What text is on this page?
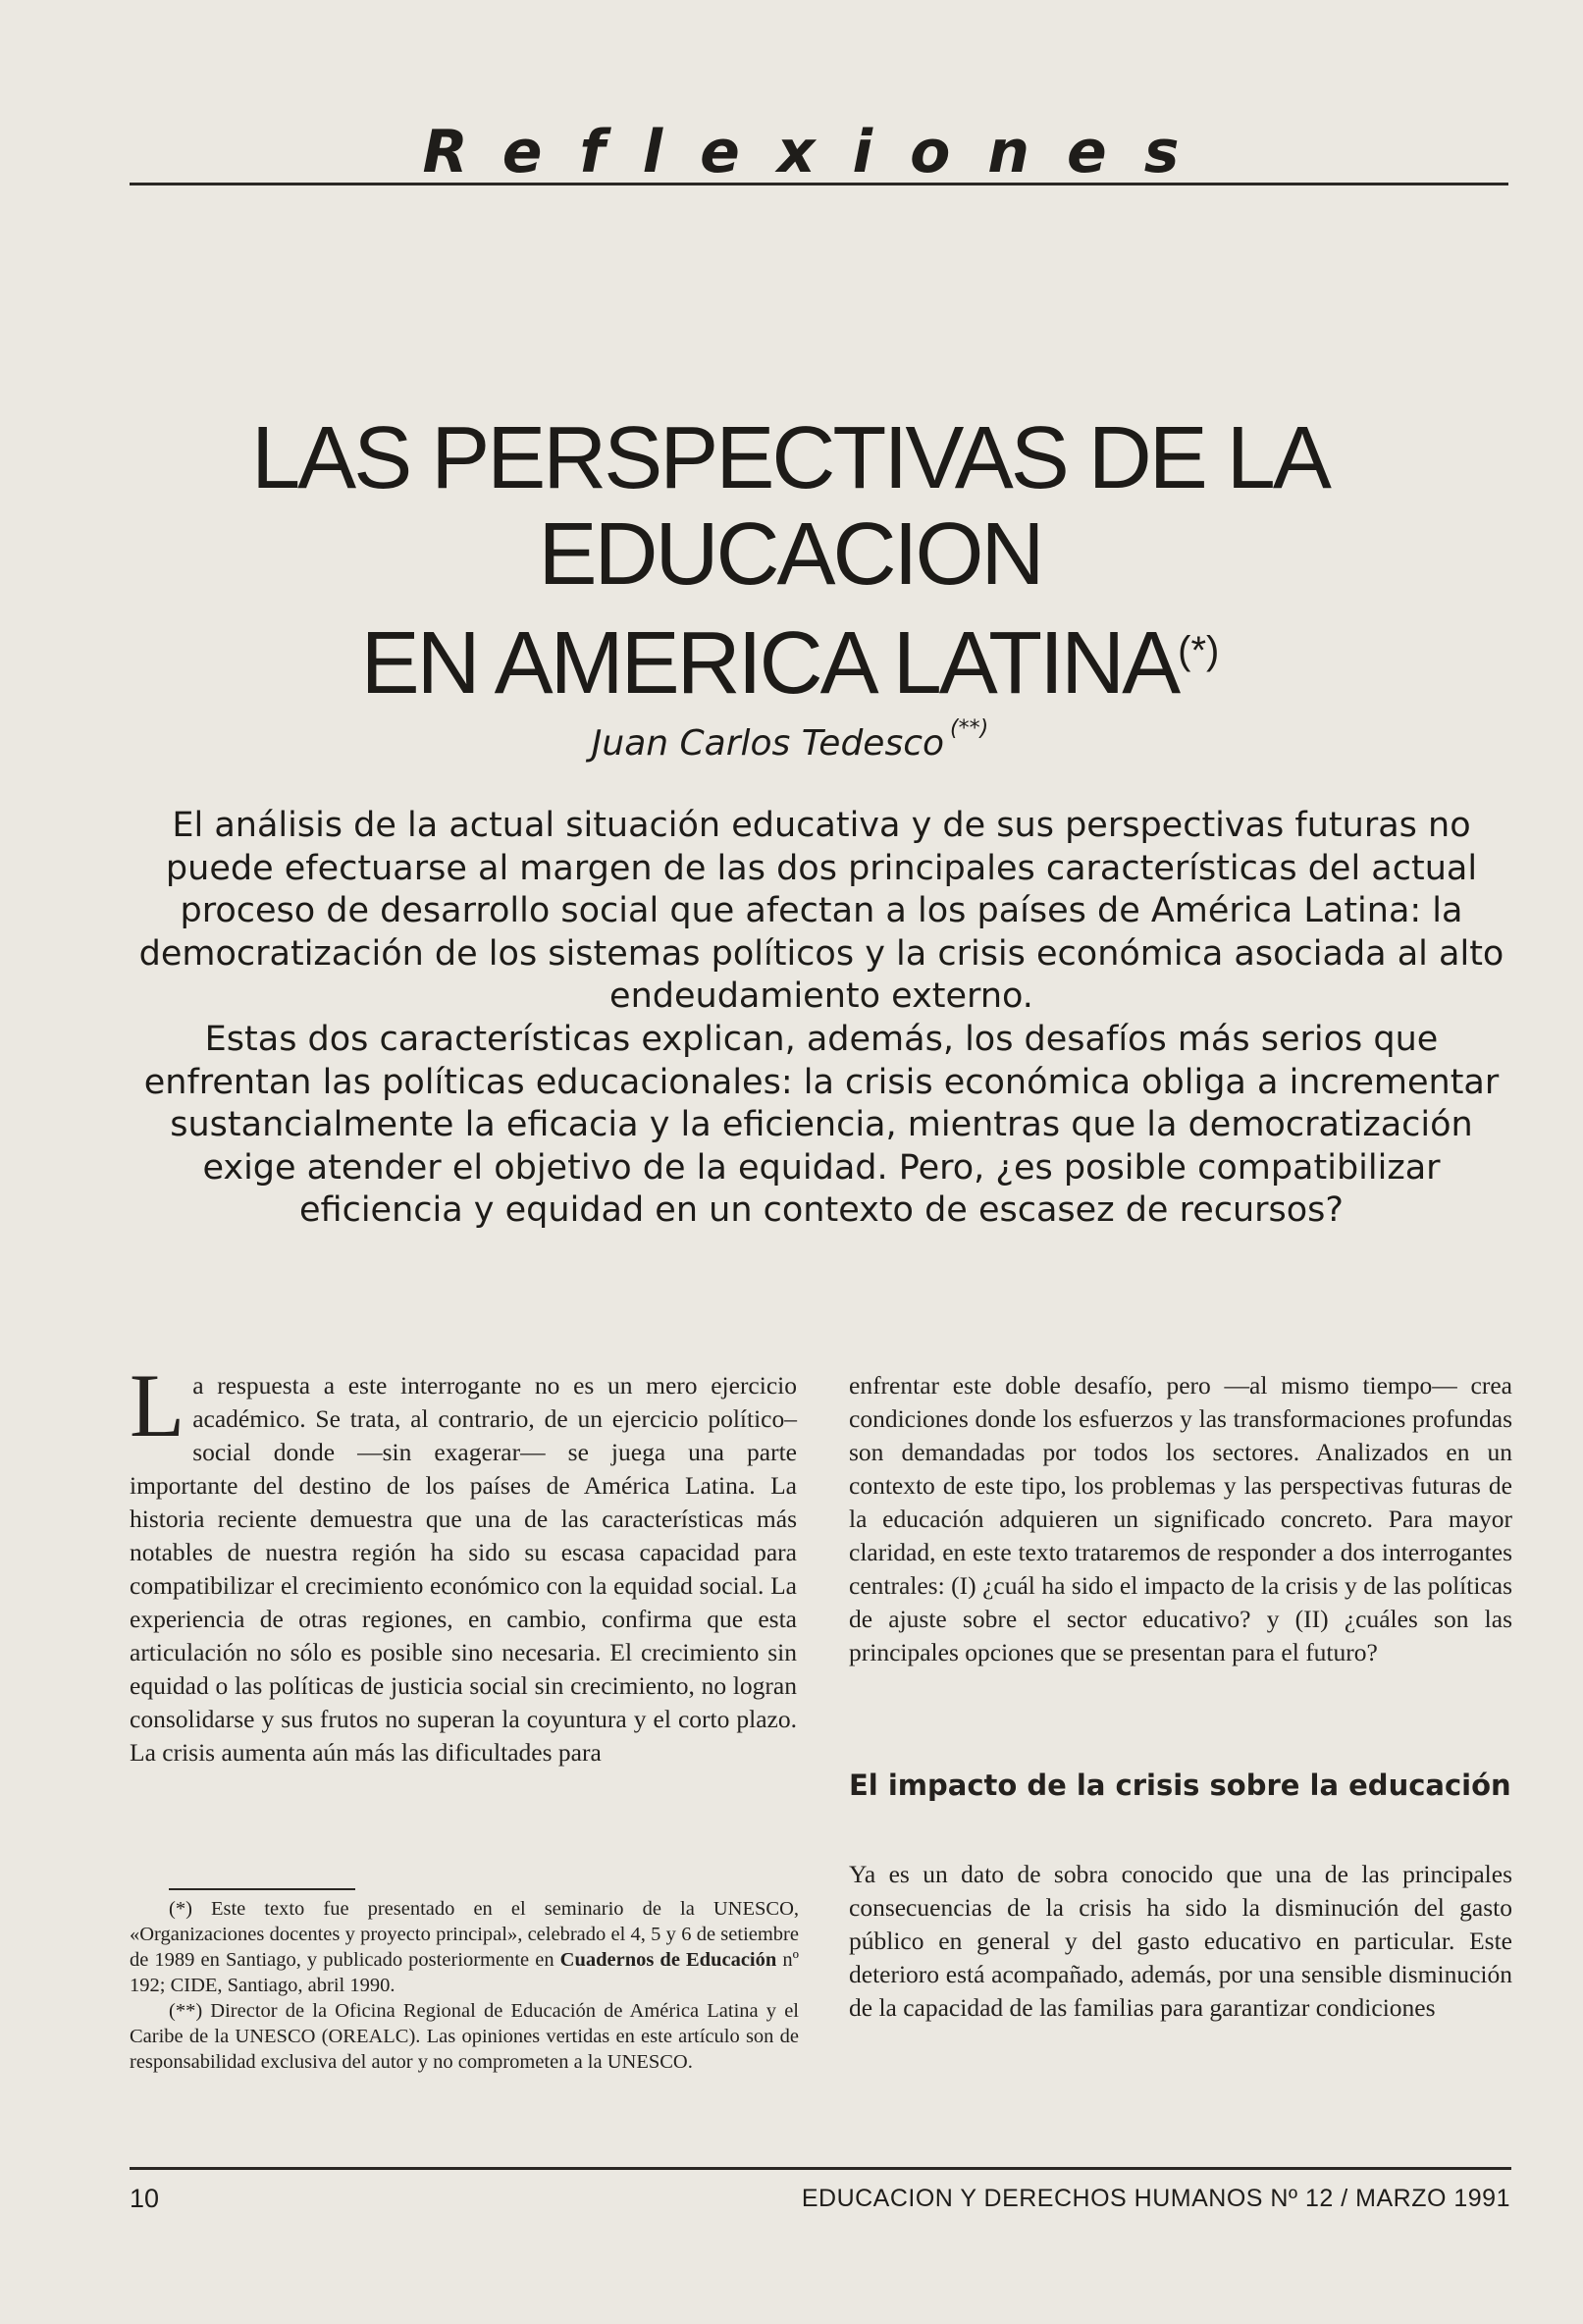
Reflexiones
LAS PERSPECTIVAS DE LA
EDUCACION
EN AMERICA LATINA(*)

Juan Carlos Tedesco (**)

El análisis de la actual situación educativa y de sus perspectivas futuras no puede efectuarse al margen de las dos principales características del actual proceso de desarrollo social que afectan a los países de América Latina: la democratización de los sistemas políticos y la crisis económica asociada al alto endeudamiento externo.

Estas dos características explican, además, los desafíos más serios que enfrentan las políticas educacionales: la crisis económica obliga a incrementar sustancialmente la eficacia y la eficiencia, mientras que la democratización exige atender el objetivo de la equidad. Pero, ¿es posible compatibilizar eficiencia y equidad en un contexto de escasez de recursos?

La respuesta a este interrogante no es un mero ejercicio académico. Se trata, al contrario, de un ejercicio político–social donde —sin exagerar— se juega una parte importante del destino de los países de América Latina. La historia reciente demuestra que una de las características más notables de nuestra región ha sido su escasa capacidad para compatibilizar el crecimiento económico con la equidad social. La experiencia de otras regiones, en cambio, confirma que esta articulación no sólo es posible sino necesaria. El crecimiento sin equidad o las políticas de justicia social sin crecimiento, no logran consolidarse y sus frutos no superan la coyuntura y el corto plazo. La crisis aumenta aún más las dificultades para

(*) Este texto fue presentado en el seminario de la UNESCO, «Organizaciones docentes y proyecto principal», celebrado el 4, 5 y 6 de setiembre de 1989 en Santiago, y publicado posteriormente en Cuadernos de Educación nº 192; CIDE, Santiago, abril 1990.

(**) Director de la Oficina Regional de Educación de América Latina y el Caribe de la UNESCO (OREALC). Las opiniones vertidas en este artículo son de responsabilidad exclusiva del autor y no comprometen a la UNESCO.

enfrentar este doble desafío, pero —al mismo tiempo— crea condiciones donde los esfuerzos y las transformaciones profundas son demandadas por todos los sectores. Analizados en un contexto de este tipo, los problemas y las perspectivas futuras de la educación adquieren un significado concreto. Para mayor claridad, en este texto trataremos de responder a dos interrogantes centrales: (I) ¿cuál ha sido el impacto de la crisis y de las políticas de ajuste sobre el sector educativo? y (II) ¿cuáles son las principales opciones que se presentan para el futuro?

El impacto de la crisis sobre la educación

Ya es un dato de sobra conocido que una de las principales consecuencias de la crisis ha sido la disminución del gasto público en general y del gasto educativo en particular. Este deterioro está acompañado, además, por una sensible disminución de la capacidad de las familias para garantizar condiciones

10	EDUCACION Y DERECHOS HUMANOS Nº 12 / MARZO 1991
